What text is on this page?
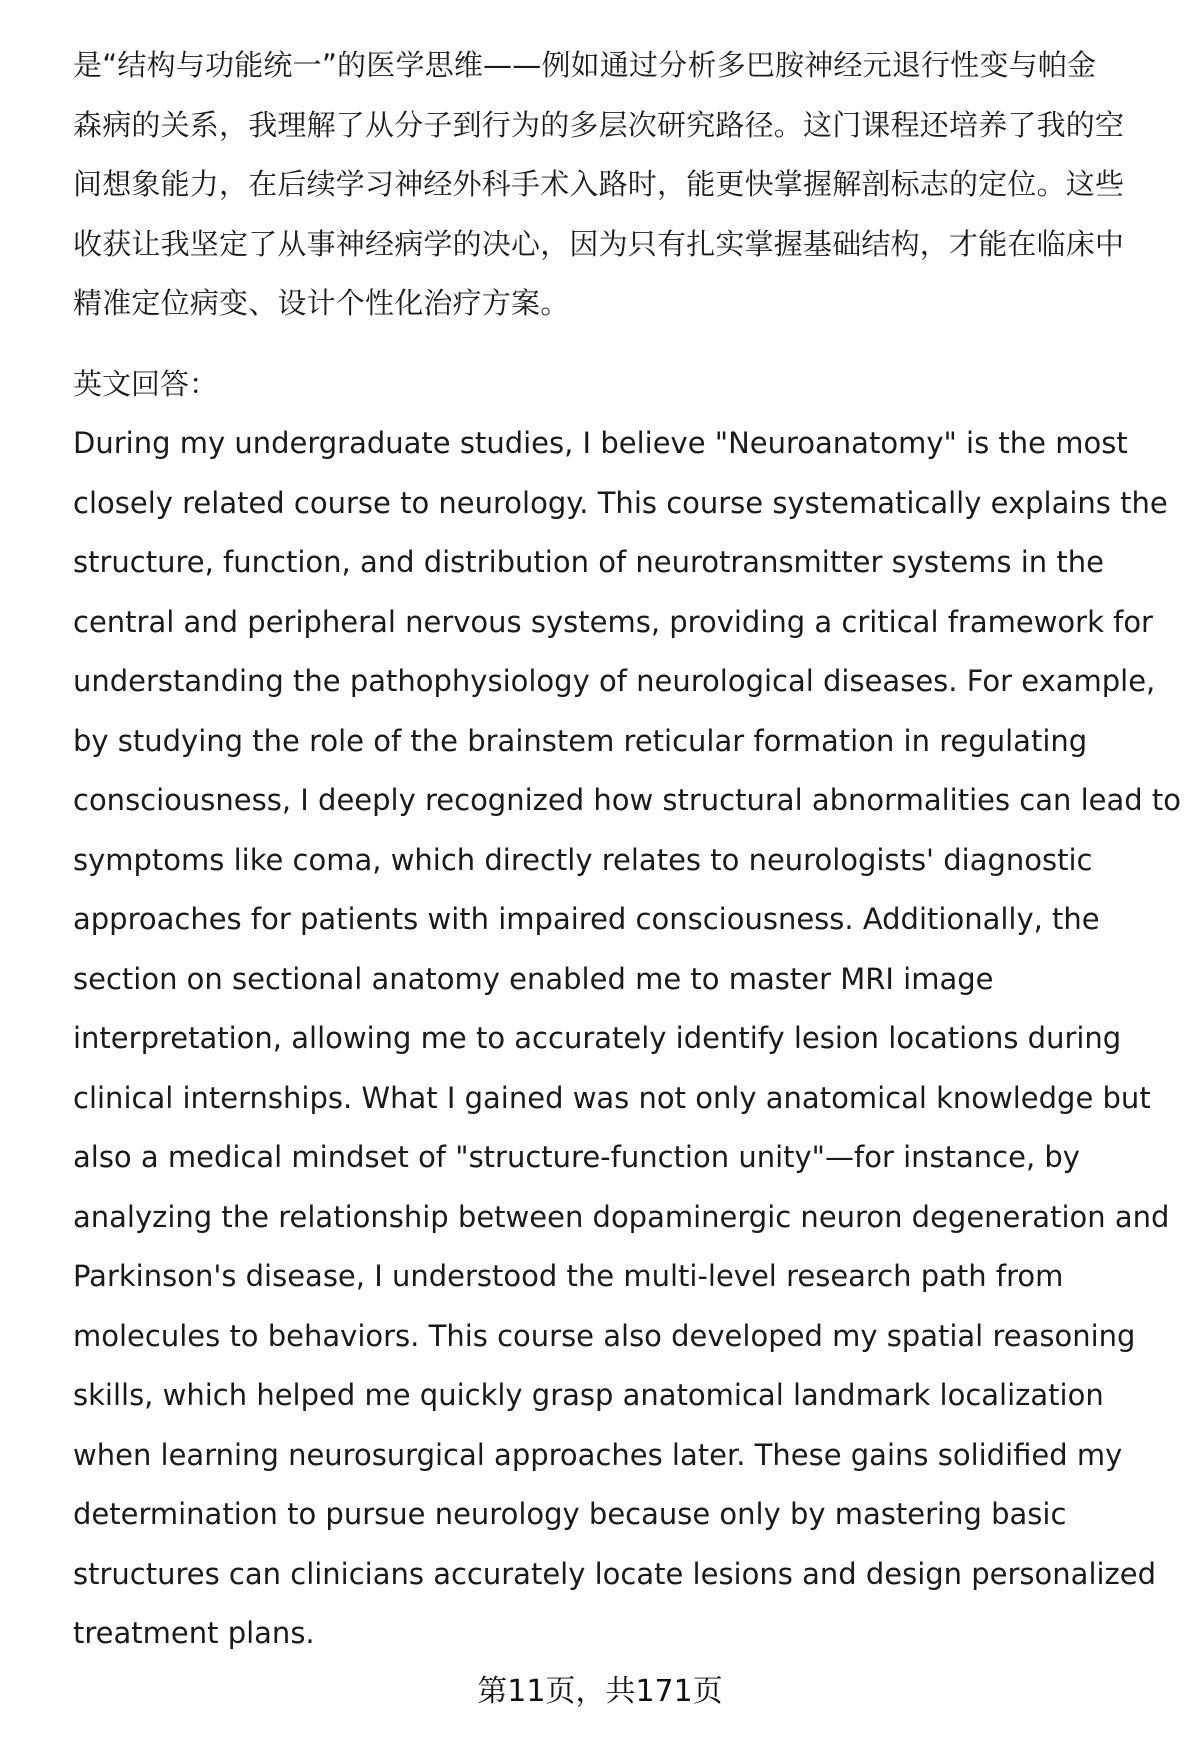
是“结构与功能统一”的医学思维——例如通过分析多巴胺神经元退行性变与帕金
森病的关系，我理解了从分子到行为的多层次研究路径。这门课程还培养了我的空
间想象能力，在后续学习神经外科手术入路时，能更快掌握解剖标志的定位。这些
收获让我坚定了从事神经病学的决心，因为只有扎实掌握基础结构，才能在临床中
精准定位病变、设计个性化治疗方案。

英文回答：

During my undergraduate studies, I believe "Neuroanatomy" is the most
closely related course to neurology. This course systematically explains the
structure, function, and distribution of neurotransmitter systems in the
central and peripheral nervous systems, providing a critical framework for
understanding the pathophysiology of neurological diseases. For example,
by studying the role of the brainstem reticular formation in regulating
consciousness, I deeply recognized how structural abnormalities can lead to
symptoms like coma, which directly relates to neurologists' diagnostic
approaches for patients with impaired consciousness. Additionally, the
section on sectional anatomy enabled me to master MRI image
interpretation, allowing me to accurately identify lesion locations during
clinical internships. What I gained was not only anatomical knowledge but
also a medical mindset of "structure-function unity"—for instance, by
analyzing the relationship between dopaminergic neuron degeneration and
Parkinson's disease, I understood the multi-level research path from
molecules to behaviors. This course also developed my spatial reasoning
skills, which helped me quickly grasp anatomical landmark localization
when learning neurosurgical approaches later. These gains solidified my
determination to pursue neurology because only by mastering basic
structures can clinicians accurately locate lesions and design personalized
treatment plans.

第11页，共171页
